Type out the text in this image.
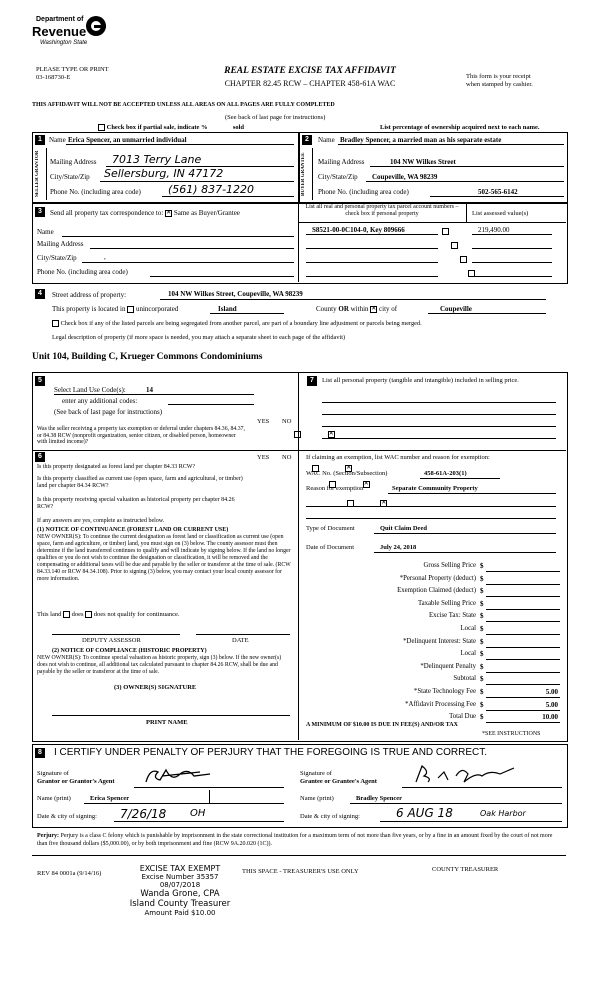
Department of
Revenue
Washington State
PLEASE TYPE OR PRINT
03-168730-E
REAL ESTATE EXCISE TAX AFFIDAVIT
CHAPTER 82.45 RCW – CHAPTER 458-61A WAC
This form is your receipt
when stamped by cashier.
THIS AFFIDAVIT WILL NOT BE ACCEPTED UNLESS ALL AREAS ON ALL PAGES ARE FULLY COMPLETED
(See back of last page for instructions)
Check box if partial sale, indicate %	sold	List percentage of ownership acquired next to each name.
1	Name Erica Spencer, an unmarried individual
SELLER GRANTOR	Mailing Address 7013 Terry Lane
City/State/Zip Sellersburg, IN 47172
Phone No. (including area code) (561) 837-1220
2	Name Bradley Spencer, a married man as his separate estate
BUYER GRANTEE	Mailing Address	104 NW Wilkes Street
City/State/Zip Coupeville, WA 98239
Phone No. (including area code)	502-565-6142
3	Send all property tax correspondence to: ✕ Same as Buyer/Grantee
Name
Mailing Address
City/State/Zip	,
Phone No. (including area code)
List all real and personal property tax parcel account numbers – check box if personal property	List assessed value(s)
S8521-00-0C104-0, Key 809666
	219,490.00

4	Street address of property:	104 NW Wilkes Street, Coupeville, WA 98239
This property is located in unincorporated	Island	County OR within ✕ city of	Coupeville
Check box if any of the listed parcels are being segregated from another parcel, are part of a boundary line adjustment or parcels being merged.
Legal description of property (if more space is needed, you may attach a separate sheet to each page of the affidavit)
Unit 104, Building C, Krueger Commons Condominiums
5
Select Land Use Code(s):	14
enter any additional codes:
(See back of last page for instructions)
YES NO
Was the seller receiving a property tax exemption or deferral under chapters 84.36, 84.37, or 84.38 RCW (nonprofit organization, senior citizen, or disabled person, homeowner with limited income)?
✕
6	YES NO
Is this property designated as forest land per chapter 84.33 RCW?	✕
Is this property classified as current use (open space, farm and agricultural, or timber) land per chapter 84.34 RCW?	✕
Is this property receiving special valuation as historical property per chapter 84.26 RCW?
✕
If any answers are yes, complete as instructed below.
(1) NOTICE OF CONTINUANCE (FOREST LAND OR CURRENT USE)
NEW OWNER(S): To continue the current designation as forest land or classification as current use (open space, farm and agriculture, or timber) land, you must sign on (3) below. The county assessor must then determine if the land transferred continues to qualify and will indicate by signing below. If the land no longer qualifies or you do not wish to continue the designation or classification, it will be removed and the compensating or additional taxes will be due and payable by the seller or transferor at the time of sale. (RCW 84.33.140 or RCW 84.34.108). Prior to signing (3) below, you may contact your local county assessor for more information.
This land does does not qualify for continuance.
DEPUTY ASSESSOR	DATE
(2) NOTICE OF COMPLIANCE (HISTORIC PROPERTY)
NEW OWNER(S): To continue special valuation as historic property, sign (3) below. If the new owner(s) does not wish to continue, all additional tax calculated pursuant to chapter 84.26 RCW, shall be due and payable by the seller or transferor at the time of sale.
(3) OWNER(S) SIGNATURE
PRINT NAME
7	List all personal property (tangible and intangible) included in selling price.
If claiming an exemption, list WAC number and reason for exemption:
WAC No. (Section/Subsection)	458-61A-203(1)
Reason for exemption	Separate Community Property
Type of Document	Quit Claim Deed
Date of Document	July 24, 2018
Gross Selling Price $
*Personal Property (deduct) $
Exemption Claimed (deduct) $
Taxable Selling Price $
Excise Tax: State $
Local $
*Delinquent Interest: State $
Local $
*Delinquent Penalty $
Subtotal $
*State Technology Fee $	5.00
*Affidavit Processing Fee $	5.00
Total Due $	10.00
A MINIMUM OF $10.00 IS DUE IN FEE(S) AND/OR TAX
*SEE INSTRUCTIONS
8	I CERTIFY UNDER PENALTY OF PERJURY THAT THE FOREGOING IS TRUE AND CORRECT.
Signature of
Grantor or Grantor's Agent
Name (print)	Erica Spencer
Date & city of signing: 7/26/18 OH
Signature of
Grantee or Grantee's Agent
Name (print)	Bradley Spencer
Date & city of signing:	6 AUG 18	Oak Harbor
Perjury: Perjury is a class C felony which is punishable by imprisonment in the state correctional institution for a maximum term of not more than five years, or by a fine in an amount fixed by the court of not more than five thousand dollars ($5,000.00), or by both imprisonment and fine (RCW 9A.20.020 (1C)).
REV 84 0001a (9/14/16)
EXCISE TAX EXEMPT
Excise Number 35357
08/07/2018
Wanda Grone, CPA
Island County Treasurer
Amount Paid $10.00
THIS SPACE - TREASURER'S USE ONLY	COUNTY TREASURER
